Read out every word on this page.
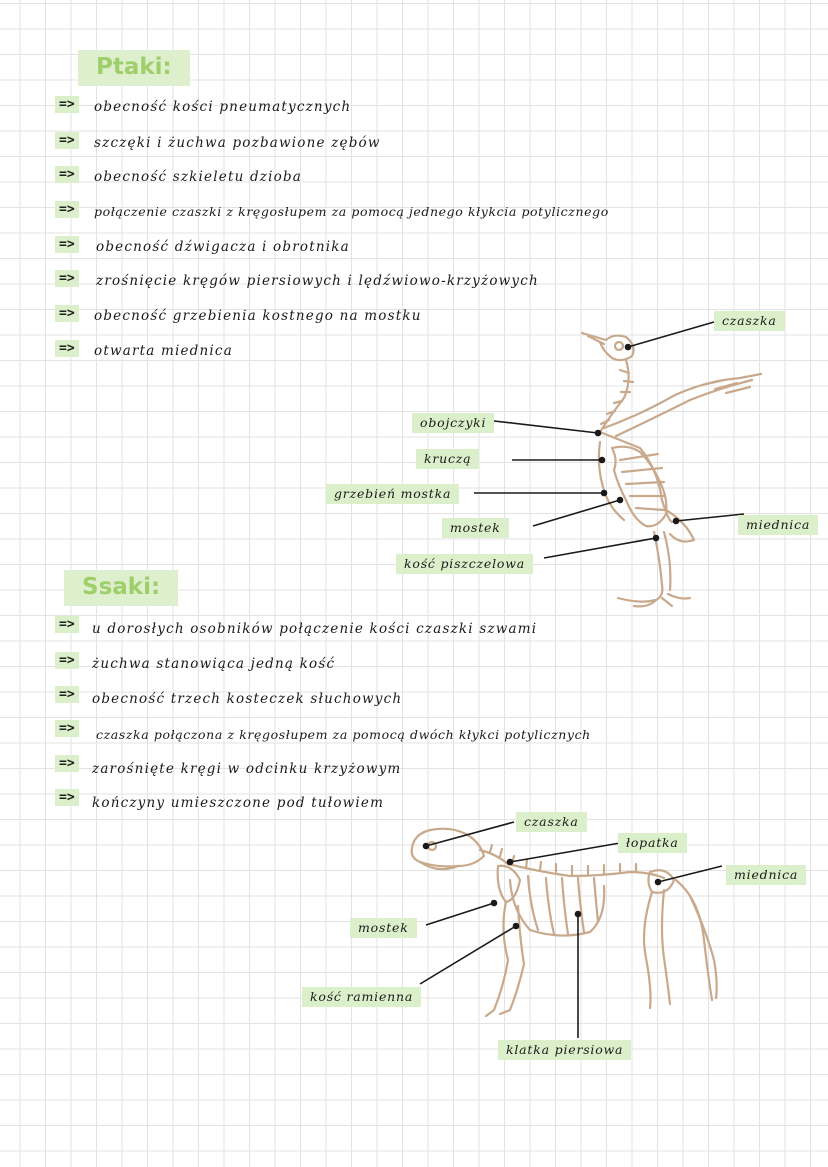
Ptaki:
=> obecność kości pneumatycznych
=> szczęki i żuchwa pozbawione zębów
=> obecność szkieletu dzioba
=>	połączenie czaszki z kręgosłupem za pomocą jednego kłykcia potylicznego
=> obecność dźwigacza i obrotnika
=> zrośnięcie kręgów piersiowych i lędźwiowo-krzyżowych
=> obecność grzebienia kostnego na mostku
=> otwarta miednica
Ssaki:
=> u dorosłych osobników połączenie kości czaszki szwami
=> żuchwa stanowiąca jedną kość
=> obecność trzech kosteczek słuchowych
=>	czaszka połączona z kręgosłupem za pomocą dwóch kłykci potylicznych
=> zarośnięte kręgi w odcinku krzyżowym
=> kończyny umieszczone pod tułowiem
czaszka
obojczyki
kruczą
grzebień mostka
mostek
kość piszczelowa
miednica
czaszka
łopatka
miednica
mostek
kość ramienna
klatka piersiowa
